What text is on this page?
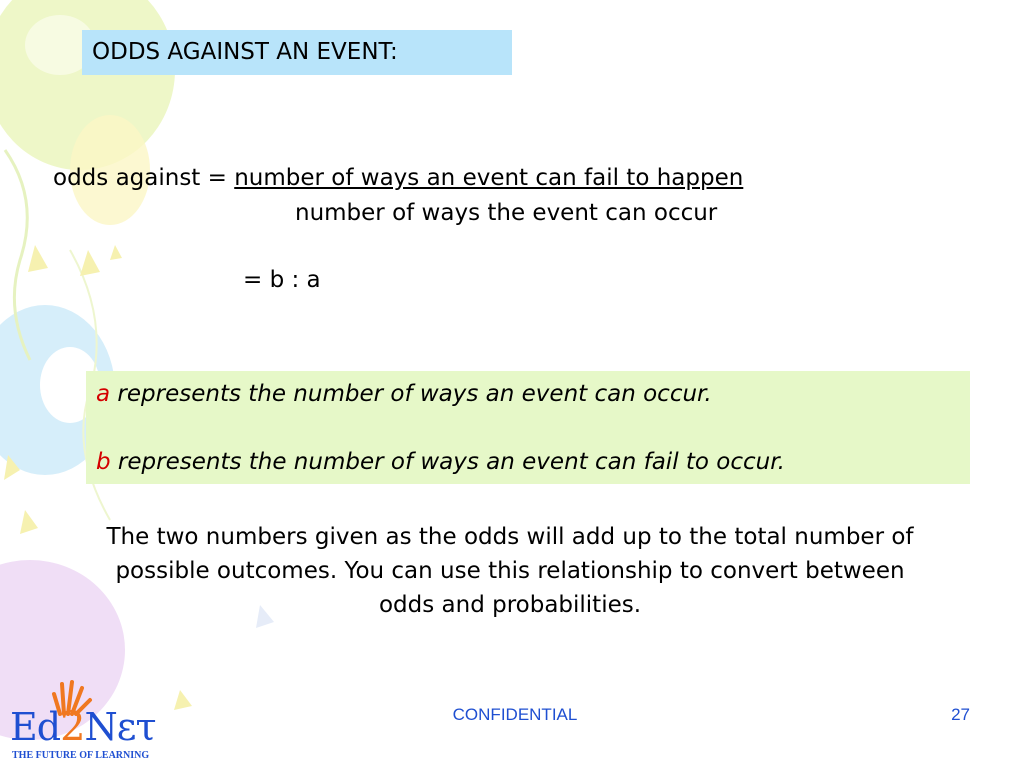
ODDS AGAINST AN EVENT:
odds against = number of ways an event can fail to happen
number of ways the event can occur
= b : a
a represents the number of ways an event can occur.
b represents the number of ways an event can fail to occur.
The two numbers given as the odds will add up to the total number of possible outcomes. You can use this relationship to convert between odds and probabilities.
Ed2Nετ
THE FUTURE OF LEARNING
CONFIDENTIAL	27
